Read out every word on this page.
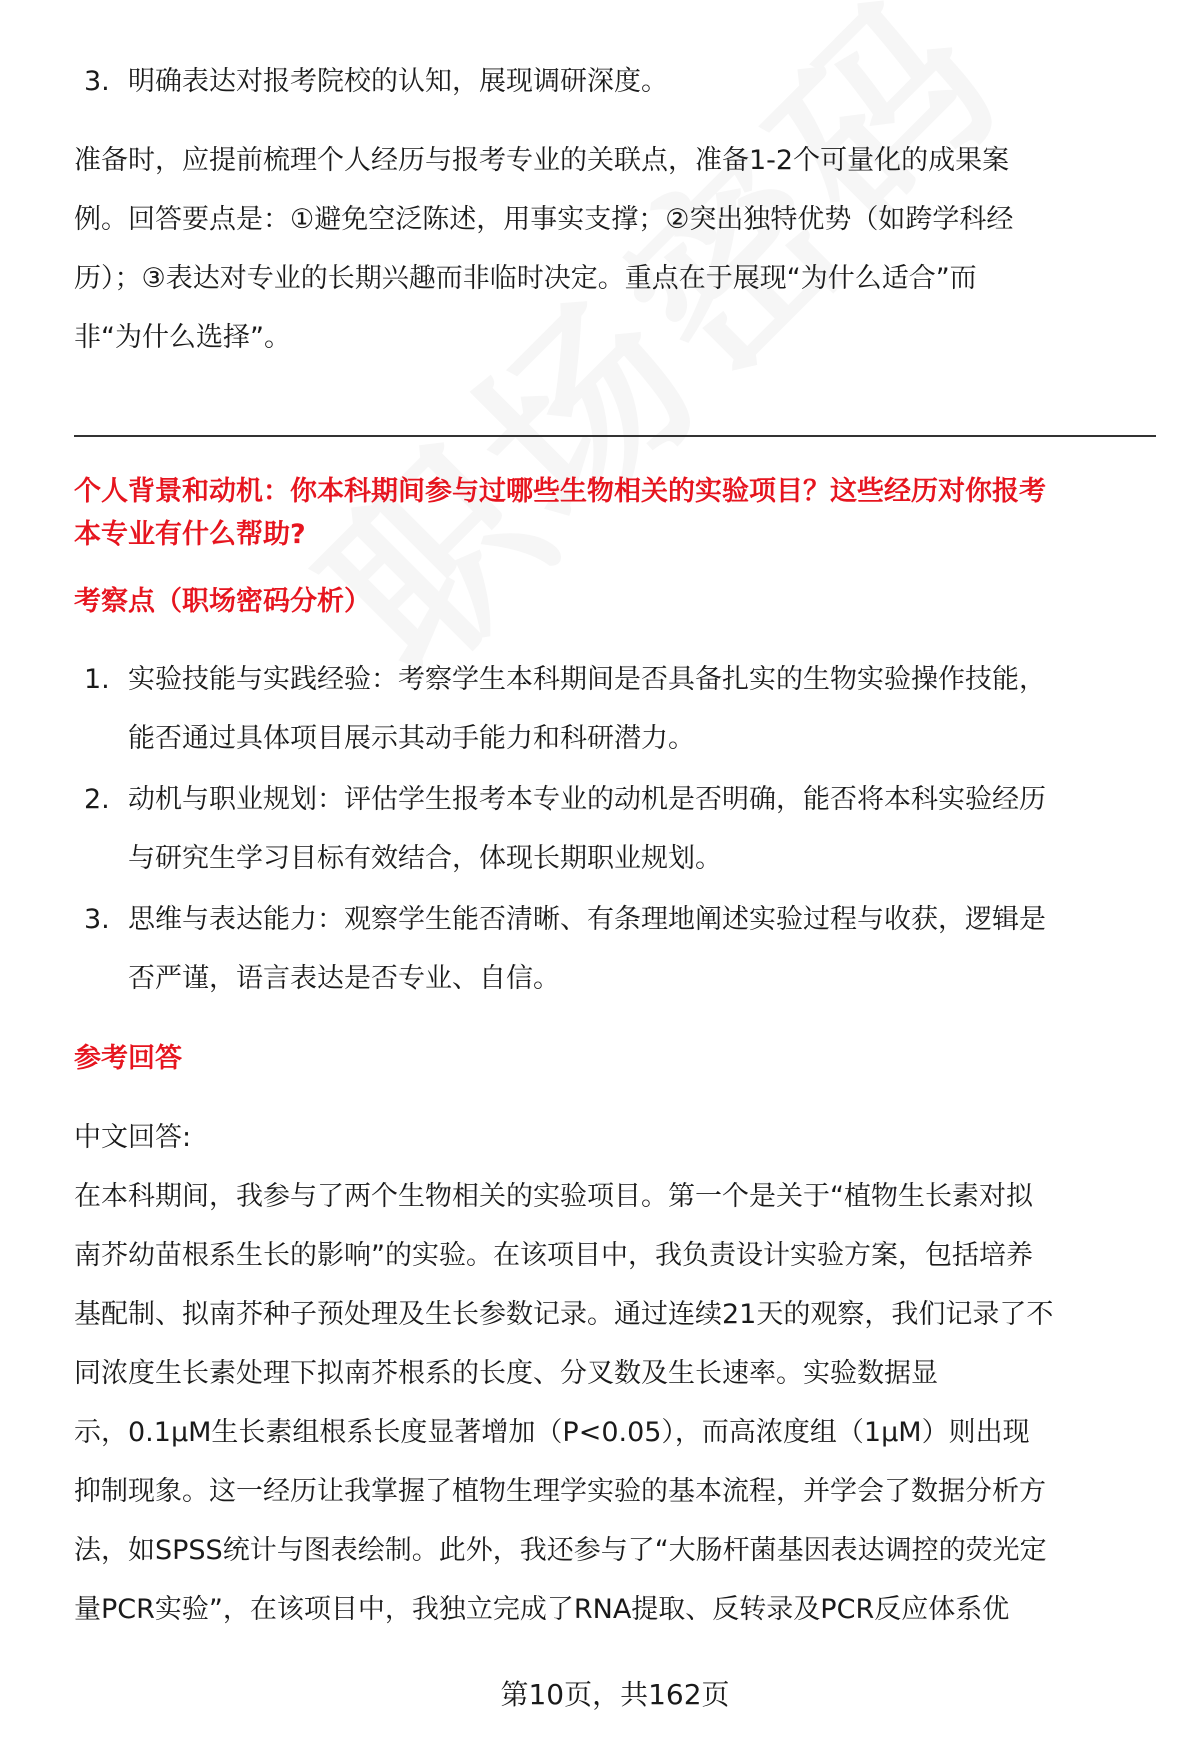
3. 明确表达对报考院校的认知，展现调研深度。
准备时，应提前梳理个人经历与报考专业的关联点，准备1-2个可量化的成果案
例。回答要点是：①避免空泛陈述，用事实支撑；②突出独特优势（如跨学科经
历）；③表达对专业的长期兴趣而非临时决定。重点在于展现“为什么适合”而
非“为什么选择”。
个人背景和动机：你本科期间参与过哪些生物相关的实验项目？这些经历对你报考
本专业有什么帮助?
考察点（职场密码分析）
1. 实验技能与实践经验：考察学生本科期间是否具备扎实的生物实验操作技能，
能否通过具体项目展示其动手能力和科研潜力。
2. 动机与职业规划：评估学生报考本专业的动机是否明确，能否将本科实验经历
与研究生学习目标有效结合，体现长期职业规划。
3. 思维与表达能力：观察学生能否清晰、有条理地阐述实验过程与收获，逻辑是
否严谨，语言表达是否专业、自信。
参考回答
中文回答:
在本科期间，我参与了两个生物相关的实验项目。第一个是关于“植物生长素对拟
南芥幼苗根系生长的影响”的实验。在该项目中，我负责设计实验方案，包括培养
基配制、拟南芥种子预处理及生长参数记录。通过连续21天的观察，我们记录了不
同浓度生长素处理下拟南芥根系的长度、分叉数及生长速率。实验数据显
示，0.1μM生长素组根系长度显著增加（P<0.05），而高浓度组（1μM）则出现
抑制现象。这一经历让我掌握了植物生理学实验的基本流程，并学会了数据分析方
法，如SPSS统计与图表绘制。此外，我还参与了“大肠杆菌基因表达调控的荧光定
量PCR实验”，在该项目中，我独立完成了RNA提取、反转录及PCR反应体系优
第10页，共162页
